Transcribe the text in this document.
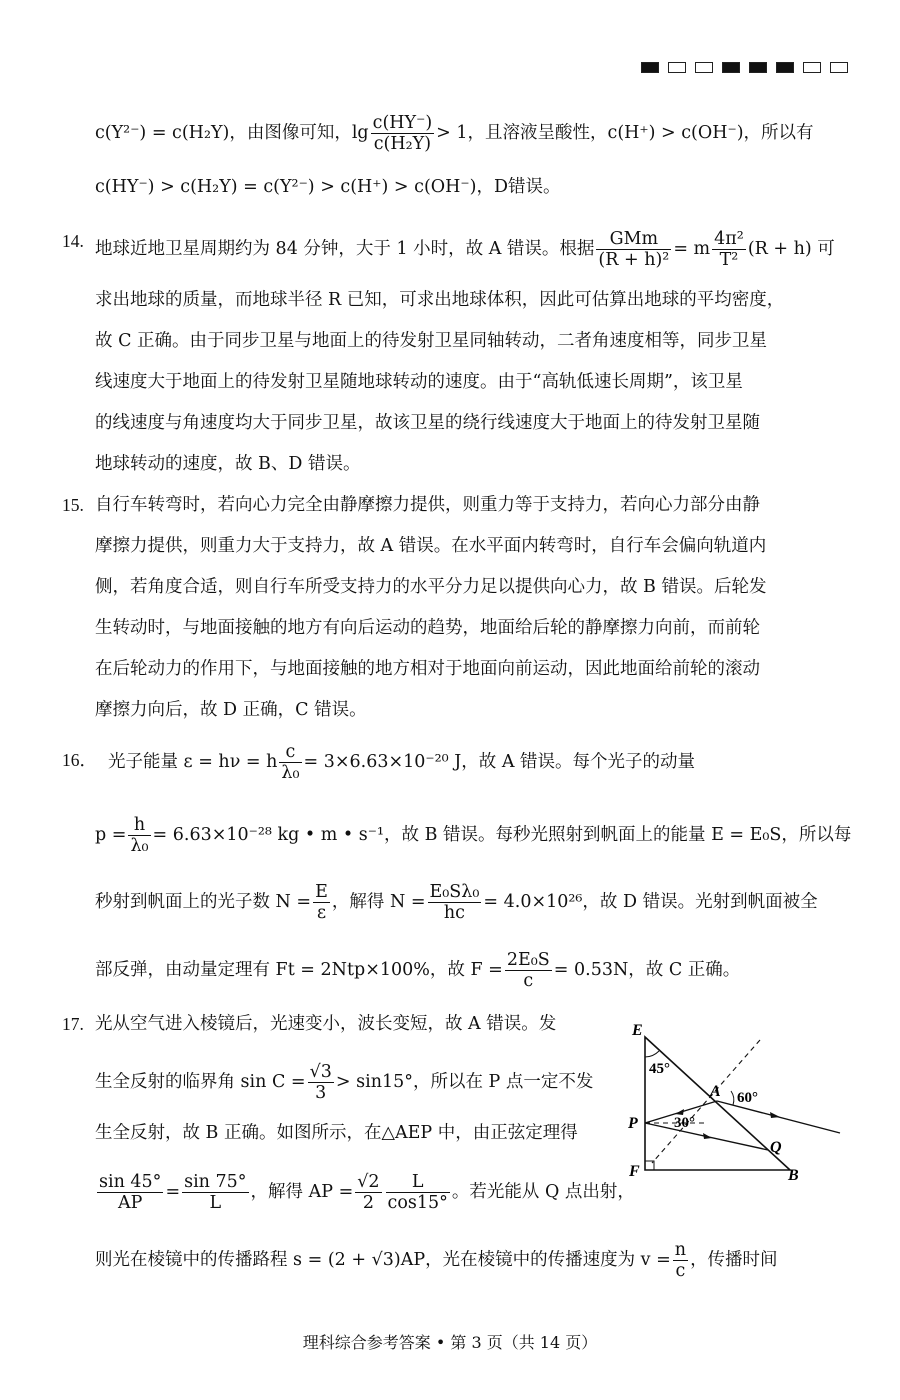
c(Y²⁻) = c(H₂Y)，由图像可知，$\lg \frac{c(HY^-)}{\text{c(H₂Y)}} > 1$，且溶液呈酸性，c(H⁺) > c(OH⁻)，所以有
c(HY⁻) > c(H₂Y) = c(Y²⁻) > c(H⁺) > c(OH⁻)，D错误。
14. 地球近地卫星周期约为 84 分钟，大于 1 小时，故 A 错误。根据 $\frac{\text{GMm}}{\text{(R + h)²}} = m \frac{\text{4π²}}{\text{T²}} (R + h)$ 可
求出地球的质量，而地球半径 R 已知，可求出地球体积，因此可估算出地球的平均密度，
故 C 正确。由于同步卫星与地面上的待发射卫星同轴转动，二者角速度相等，同步卫星
线速度大于地面上的待发射卫星随地球转动的速度。由于“高轨低速长周期”，该卫星
的线速度与角速度均大于同步卫星，故该卫星的绕行线速度大于地面上的待发射卫星随
地球转动的速度，故 B、D 错误。
15. 自行车转弯时，若向心力完全由静摩擦力提供，则重力等于支持力，若向心力部分由静
摩擦力提供，则重力大于支持力，故 A 错误。在水平面内转弯时，自行车会偏向轨道内
侧，若角度合适，则自行车所受支持力的水平分力足以提供向心力，故 B 错误。后轮发
生转动时，与地面接触的地方有向后运动的趋势，地面给后轮的静摩擦力向前，而前轮
在后轮动力的作用下，与地面接触的地方相对于地面向前运动，因此地面给前轮的滚动
摩擦力向后，故 D 正确，C 错误。
16． 光子能量 ε = hν = h $\frac{c}{\text{λ₀}} = 3\times 6.63\times 10^{-20}$ J，故 A 错误。每个光子的动量
$p = \frac{h}{\text{λ₀}} = 6.63\times 10^{-28}$ kg • m • s⁻¹，故 B 错误。每秒光照射到帆面上的能量 E = E₀S，所以每
秒射到帆面上的光子数 $N = \frac{E}{\varepsilon}$ ，解得 $N = \frac{\text{E₀Sλ₀}}{hc} = 4.0\times 10^{26}$，故 D 错误。光射到帆面被全
部反弹，由动量定理有 Ft = 2Ntp×100%，故 $F = \frac{\text{2E₀S}}{c} = 0.53N$，故 C 正确。
17. 光从空气进入棱镜后，光速变小，波长变短，故 A 错误。发
生全反射的临界角 $\sin C = \frac{√3}{3} > \sin 15^\circ$，所以在 P 点一定不发
生全反射，故 B 正确。如图所示，在△AEP 中，由正弦定理得
$\frac{\sin 45^\circ}{AP} = \frac{\sin 75^\circ}{L}$ ，解得 AP = $\frac{√2}{2} \frac{L}{\cos 15^\circ}$ 。若光能从 Q 点出射，
则光在棱镜中的传播路程 s = (2 + √3)AP，光在棱镜中的传播速度为 $v = \frac{n}{c}$ ，传播时间
E
P
F
A
Q
B
45°
60°
30°
理科综合参考答案 • 第 3 页（共 14 页）
